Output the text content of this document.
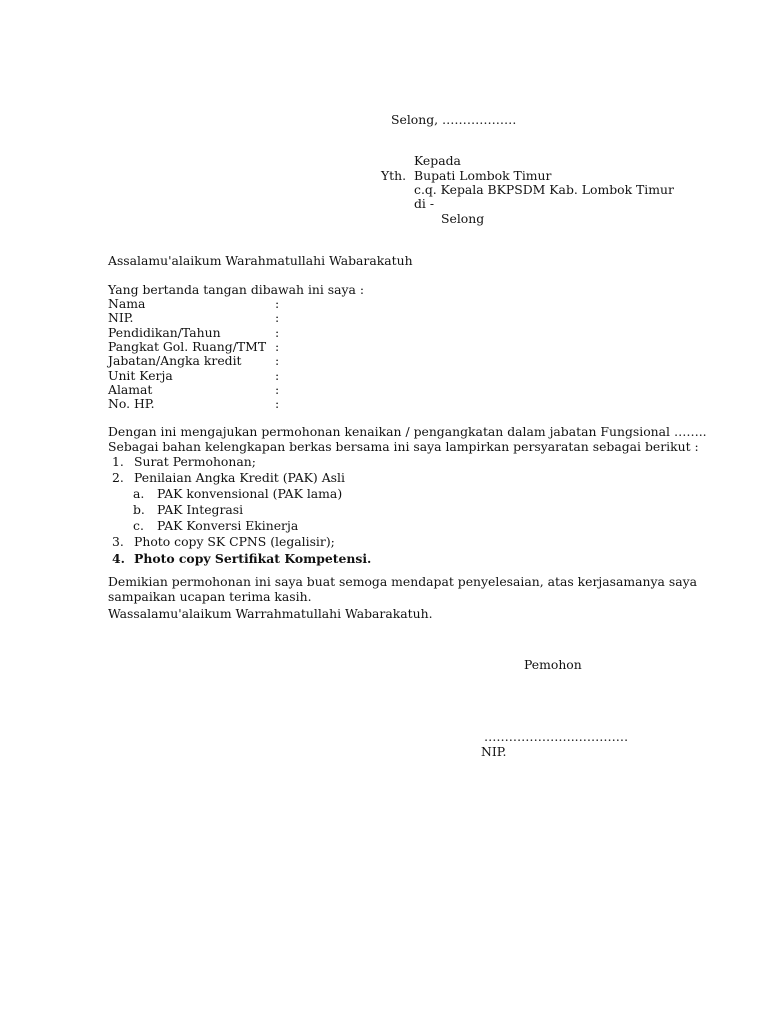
Selong, ………………
Kepada
Yth. Bupati Lombok Timur
c.q. Kepala BKPSDM Kab. Lombok Timur
di -
Selong
Assalamu'alaikum Warahmatullahi Wabarakatuh
Yang bertanda tangan dibawah ini saya :
Nama	:
NIP.	:
Pendidikan/Tahun	:
Pangkat Gol. Ruang/TMT :
Jabatan/Angka kredit	:
Unit Kerja	:
Alamat	:
No. HP.	:
Dengan ini mengajukan permohonan kenaikan / pengangkatan dalam jabatan Fungsional ……..
Sebagai bahan kelengkapan berkas bersama ini saya lampirkan persyaratan sebagai berikut :
1. Surat Permohonan;
2. Penilaian Angka Kredit (PAK) Asli
a. PAK konvensional (PAK lama)
b. PAK Integrasi
c. PAK Konversi Ekinerja
3. Photo copy SK CPNS (legalisir);
4. Photo copy Sertifikat Kompetensi.
Demikian permohonan ini saya buat semoga mendapat penyelesaian, atas kerjasamanya saya
sampaikan ucapan terima kasih.
Wassalamu'alaikum Warrahmatullahi Wabarakatuh.
Pemohon
…………………..…………
NIP.
